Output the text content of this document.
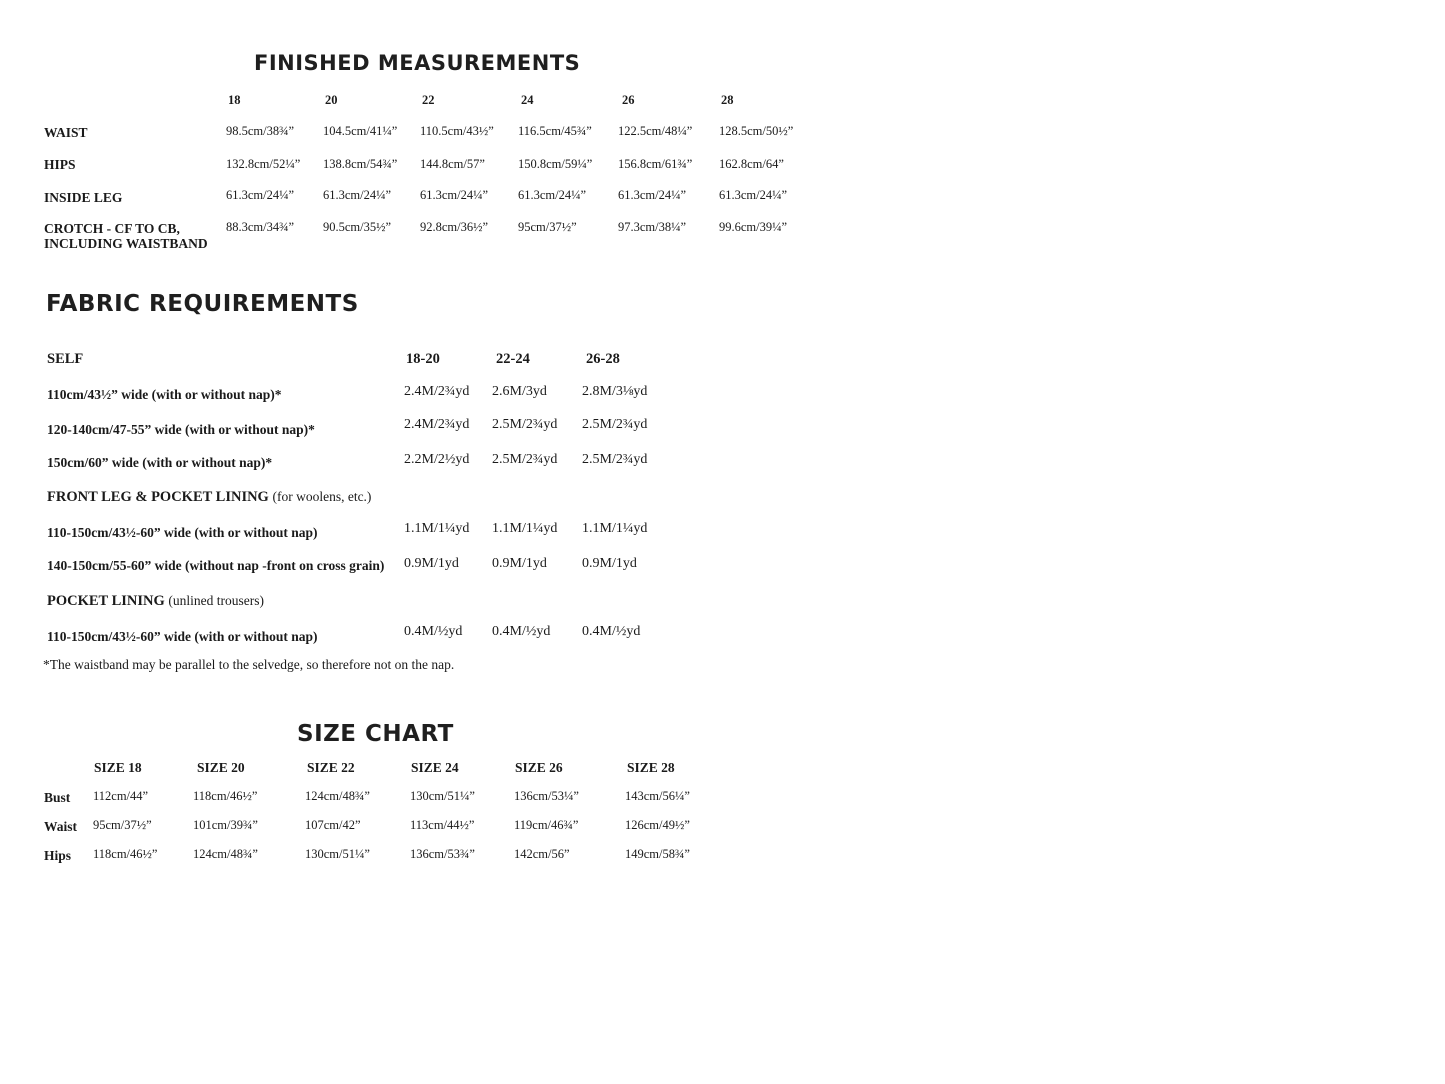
FINISHED MEASUREMENTS
18	20	22	24	26	28
WAIST	98.5cm/38¾” 104.5cm/41¼” 110.5cm/43½” 116.5cm/45¾” 122.5cm/48¼” 128.5cm/50½”
HIPS	132.8cm/52¼” 138.8cm/54¾” 144.8cm/57”	150.8cm/59¼” 156.8cm/61¾” 162.8cm/64”
INSIDE LEG	61.3cm/24¼” 61.3cm/24¼” 61.3cm/24¼” 61.3cm/24¼”	61.3cm/24¼”	61.3cm/24¼”
CROTCH - CF TO CB,
INCLUDING WAISTBAND
88.3cm/34¾” 90.5cm/35½” 92.8cm/36½” 95cm/37½”	97.3cm/38¼”	99.6cm/39¼”
FABRIC REQUIREMENTS
SELF	18-20	22-24	26-28
110cm/43½” wide (with or without nap)*	2.4M/2¾yd 2.6M/3yd	2.8M/3⅛yd
120-140cm/47-55” wide (with or without nap)*	2.4M/2¾yd 2.5M/2¾yd 2.5M/2¾yd
150cm/60” wide (with or without nap)*	2.2M/2½yd 2.5M/2¾yd 2.5M/2¾yd
FRONT LEG & POCKET LINING (for woolens, etc.)
110-150cm/43½-60” wide (with or without nap)	1.1M/1¼yd 1.1M/1¼yd 1.1M/1¼yd
140-150cm/55-60” wide (without nap -front on cross grain) 0.9M/1yd 0.9M/1yd	0.9M/1yd
POCKET LINING (unlined trousers)
110-150cm/43½-60” wide (with or without nap)	0.4M/½yd 0.4M/½yd 0.4M/½yd
*The waistband may be parallel to the selvedge, so therefore not on the nap.
SIZE CHART
SIZE 18	SIZE 20	SIZE 22	SIZE 24	SIZE 26	SIZE 28
Bust 112cm/44”	118cm/46½”	124cm/48¾”	130cm/51¼”	136cm/53¼”	143cm/56¼”
Waist 95cm/37½”	101cm/39¾”	107cm/42”	113cm/44½”	119cm/46¾”	126cm/49½”
Hips 118cm/46½”	124cm/48¾”	130cm/51¼”	136cm/53¾”	142cm/56”	149cm/58¾”
